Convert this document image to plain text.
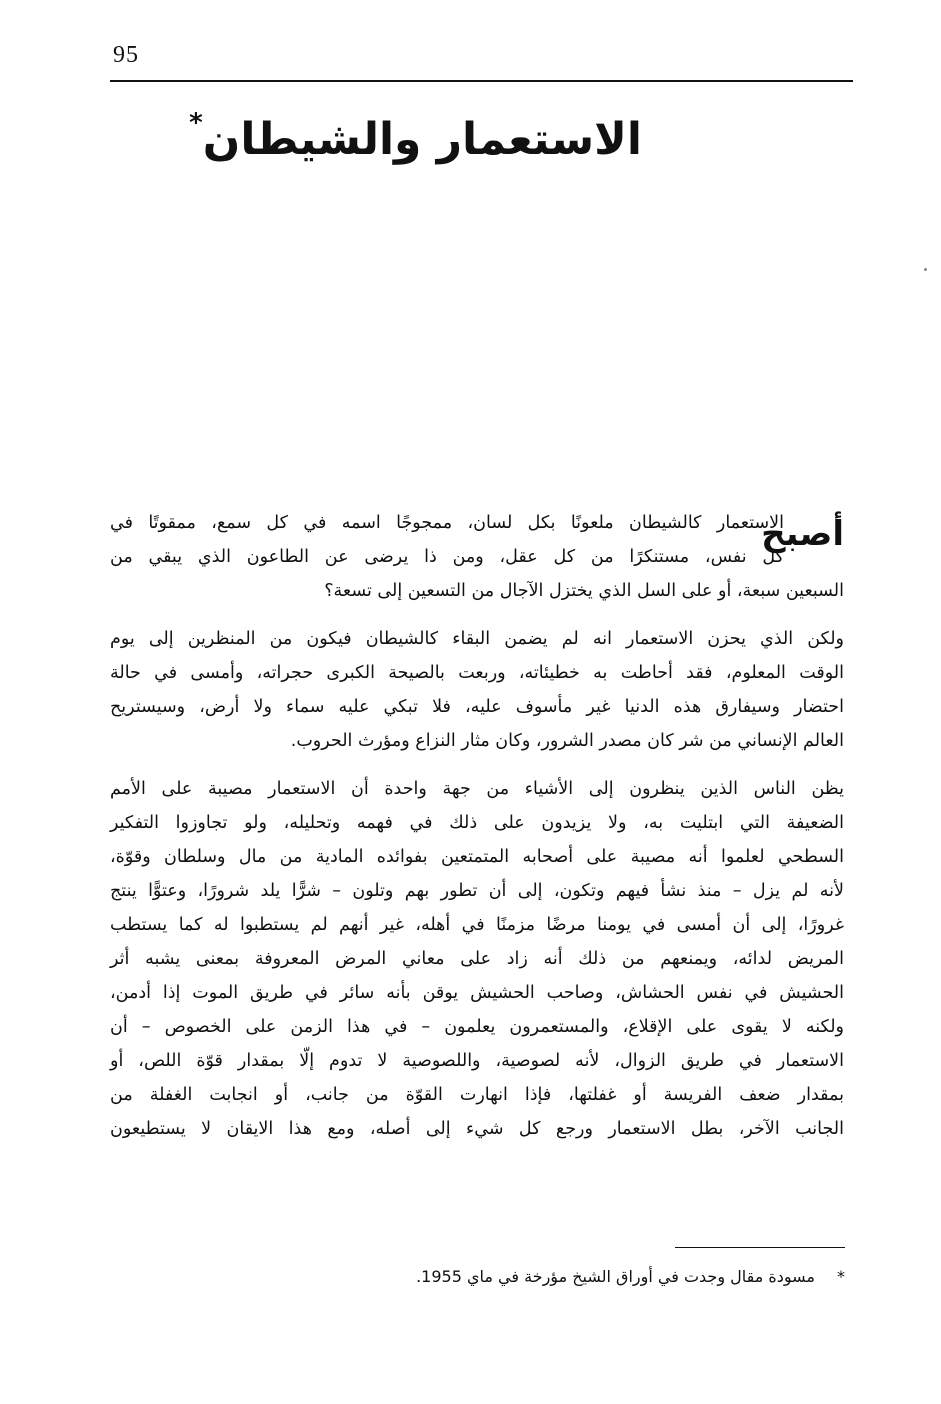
95
الاستعمار والشيطان*
أصبح
الاستعمار كالشيطان ملعونًا بكل لسان، ممجوجًا اسمه في كل سمع، ممقوتًا في
كل نفس، مستنكرًا من كل عقل، ومن ذا يرضى عن الطاعون الذي يبقي من
السبعين سبعة، أو على السل الذي يختزل الآجال من التسعين إلى تسعة؟
ولكن الذي يحزن الاستعمار انه لم يضمن البقاء كالشيطان فيكون من المنظرين إلى يوم
الوقت المعلوم، فقد أحاطت به خطيئاته، وربعت بالصيحة الكبرى حجراته، وأمسى في حالة
احتضار وسيفارق هذه الدنيا غير مأسوف عليه، فلا تبكي عليه سماء ولا أرض، وسيستريح
العالم الإنساني من شر كان مصدر الشرور، وكان مثار النزاع ومؤرث الحروب.
يظن الناس الذين ينظرون إلى الأشياء من جهة واحدة أن الاستعمار مصيبة على الأمم
الضعيفة التي ابتليت به، ولا يزيدون على ذلك في فهمه وتحليله، ولو تجاوزوا التفكير
السطحي لعلموا أنه مصيبة على أصحابه المتمتعين بفوائده المادية من مال وسلطان وقوّة،
لأنه لم يزل – منذ نشأ فيهم وتكون، إلى أن تطور بهم وتلون – شرًّا يلد شرورًا، وعتوًّا ينتج
غرورًا، إلى أن أمسى في يومنا مرضًا مزمنًا في أهله، غير أنهم لم يستطبوا له كما يستطب
المريض لدائه، ويمنعهم من ذلك أنه زاد على معاني المرض المعروفة بمعنى يشبه أثر
الحشيش في نفس الحشاش، وصاحب الحشيش يوقن بأنه سائر في طريق الموت إذا أدمن،
ولكنه لا يقوى على الإقلاع، والمستعمرون يعلمون – في هذا الزمن على الخصوص – أن
الاستعمار في طريق الزوال، لأنه لصوصية، واللصوصية لا تدوم إلّا بمقدار قوّة اللص، أو
بمقدار ضعف الفريسة أو غفلتها، فإذا انهارت القوّة من جانب، أو انجابت الغفلة من
الجانب الآخر، بطل الاستعمار ورجع كل شيء إلى أصله، ومع هذا الايقان لا يستطيعون
*مسودة مقال وجدت في أوراق الشيخ مؤرخة في ماي 1955.
